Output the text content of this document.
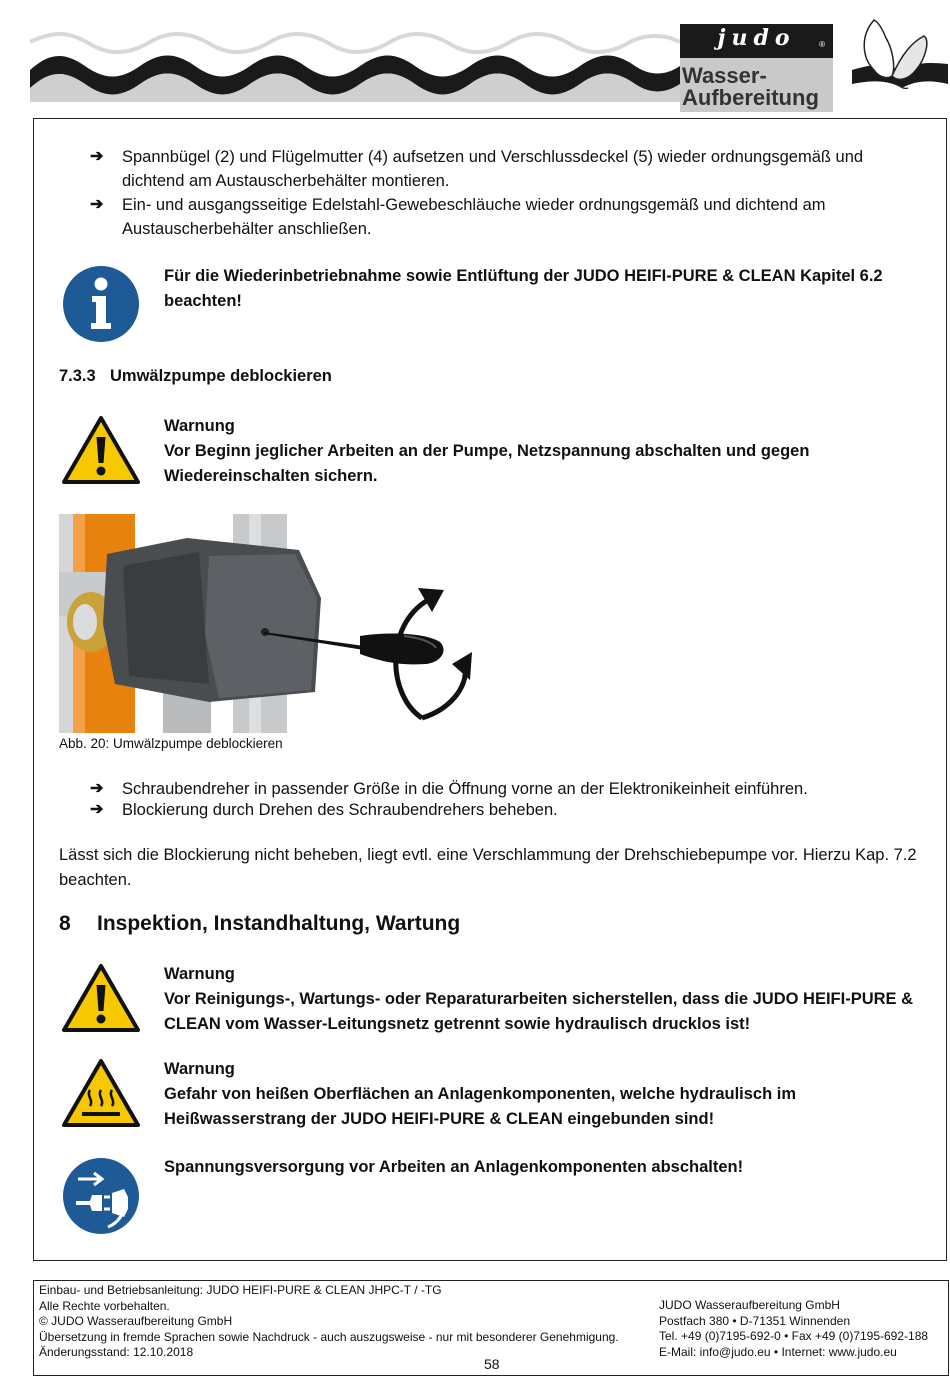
judo	®
Wasser-
Aufbereitung
➔ Spannbügel (2) und Flügelmutter (4) aufsetzen und Verschlussdeckel (5) wieder ordnungsgemäß und dichtend am Austauscherbehälter montieren.
➔ Ein- und ausgangsseitige Edelstahl-Gewebeschläuche wieder ordnungsgemäß und dichtend am Austauscherbehälter anschließen.
Für die Wiederinbetriebnahme sowie Entlüftung der JUDO HEIFI-PURE & CLEAN Kapitel 6.2 beachten!
7.3.3 Umwälzpumpe deblockieren
Warnung
Vor Beginn jeglicher Arbeiten an der Pumpe, Netzspannung abschalten und gegen Wiedereinschalten sichern.
Abb. 20: Umwälzpumpe deblockieren
➔ Schraubendreher in passender Größe in die Öffnung vorne an der Elektronikeinheit einführen.
➔ Blockierung durch Drehen des Schraubendrehers beheben.
Lässt sich die Blockierung nicht beheben, liegt evtl. eine Verschlammung der Drehschiebepumpe vor. Hierzu Kap. 7.2 beachten.
8 Inspektion, Instandhaltung, Wartung
Warnung
Vor Reinigungs-, Wartungs- oder Reparaturarbeiten sicherstellen, dass die JUDO HEIFI-PURE & CLEAN vom Wasser-Leitungsnetz getrennt sowie hydraulisch drucklos ist!
Warnung
Gefahr von heißen Oberflächen an Anlagenkomponenten, welche hydraulisch im Heißwasserstrang der JUDO HEIFI-PURE & CLEAN eingebunden sind!
Spannungsversorgung vor Arbeiten an Anlagenkomponenten abschalten!
Einbau- und Betriebsanleitung: JUDO HEIFI-PURE & CLEAN JHPC-T / -TG
Alle Rechte vorbehalten.
© JUDO Wasseraufbereitung GmbH
Übersetzung in fremde Sprachen sowie Nachdruck - auch auszugsweise - nur mit besonderer Genehmigung.
Änderungsstand: 12.10.2018
JUDO Wasseraufbereitung GmbH
Postfach 380 • D-71351 Winnenden
Tel. +49 (0)7195-692-0 • Fax +49 (0)7195-692-188
E-Mail: info@judo.eu • Internet: www.judo.eu
58
